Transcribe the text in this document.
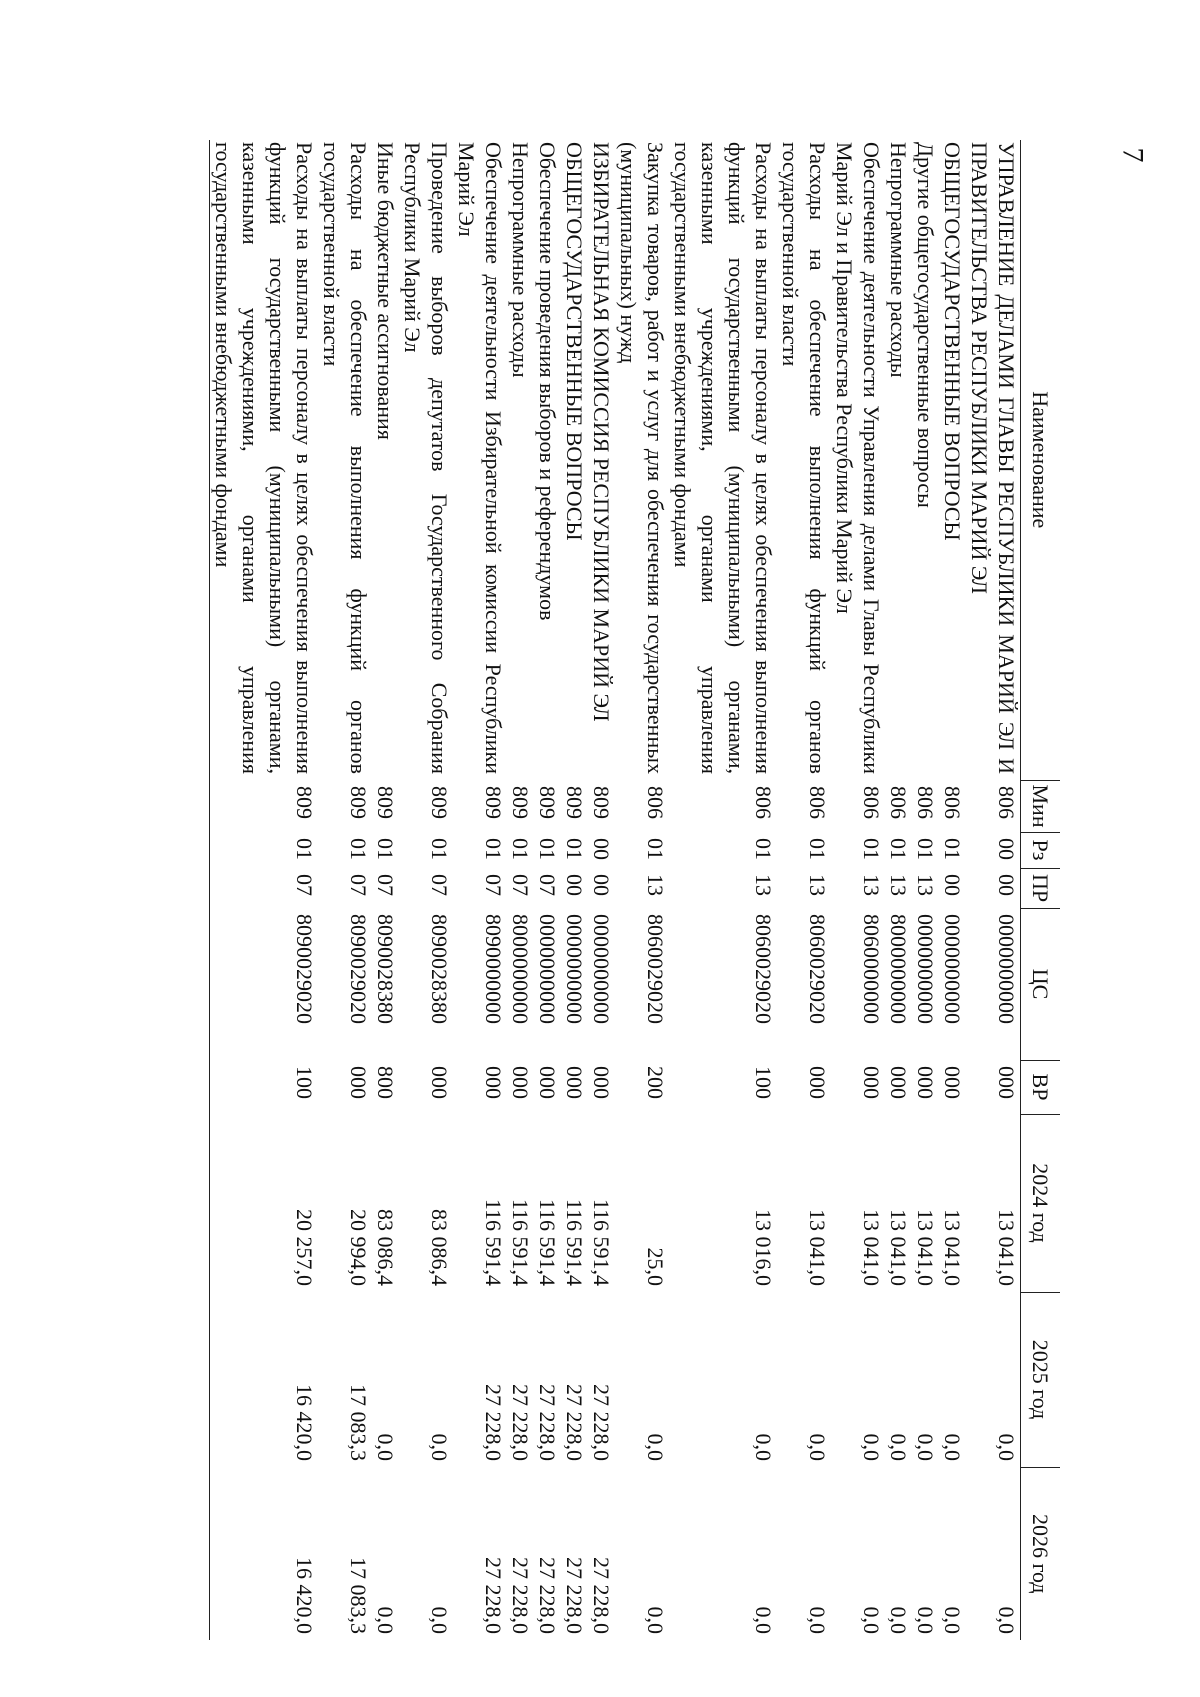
7
Наименование	Мин	Рз	ПР	ЦС	ВР	2024 год	2025 год	2026 год
УПРАВЛЕНИЕ ДЕЛАМИ ГЛАВЫ РЕСПУБЛИКИ МАРИЙ ЭЛ И ПРАВИТЕЛЬСТВА РЕСПУБЛИКИ МАРИЙ ЭЛ	806	00	00	0000000000	000	13 041,0	0,0	0,0
ОБЩЕГОСУДАРСТВЕННЫЕ ВОПРОСЫ	806	01	00	0000000000	000	13 041,0	0,0	0,0
Другие общегосударственные вопросы	806	01	13	0000000000	000	13 041,0	0,0	0,0
Непрограммные расходы	806	01	13	8000000000	000	13 041,0	0,0	0,0
Обеспечение деятельности Управления делами Главы Республики Марий Эл и Правительства Республики Марий Эл	806	01	13	8060000000	000	13 041,0	0,0	0,0
Расходы на обеспечение выполнения функций органов государственной власти	806	01	13	8060029020	000	13 041,0	0,0	0,0
Расходы на выплаты персоналу в целях обеспечения выполнения функций государственными (муниципальными) органами, казенными учреждениями, органами управления государственными внебюджетными фондами	806	01	13	8060029020	100	13 016,0	0,0	0,0
Закупка товаров, работ и услуг для обеспечения государственных (муниципальных) нужд	806	01	13	8060029020	200	25,0	0,0	0,0
ИЗБИРАТЕЛЬНАЯ КОМИССИЯ РЕСПУБЛИКИ МАРИЙ ЭЛ	809	00	00	0000000000	000	116 591,4	27 228,0	27 228,0
ОБЩЕГОСУДАРСТВЕННЫЕ ВОПРОСЫ	809	01	00	0000000000	000	116 591,4	27 228,0	27 228,0
Обеспечение проведения выборов и референдумов	809	01	07	0000000000	000	116 591,4	27 228,0	27 228,0
Непрограммные расходы	809	01	07	8000000000	000	116 591,4	27 228,0	27 228,0
Обеспечение деятельности Избирательной комиссии Республики Марий Эл	809	01	07	8090000000	000	116 591,4	27 228,0	27 228,0
Проведение выборов депутатов Государственного Собрания Республики Марий Эл	809	01	07	8090028380	000	83 086,4	0,0	0,0
Иные бюджетные ассигнования	809	01	07	8090028380	800	83 086,4	0,0	0,0
Расходы на обеспечение выполнения функций органов государственной власти	809	01	07	8090029020	000	20 994,0	17 083,3	17 083,3
Расходы на выплаты персоналу в целях обеспечения выполнения функций государственными (муниципальными) органами, казенными учреждениями, органами управления государственными внебюджетными фондами	809	01	07	8090029020	100	20 257,0	16 420,0	16 420,0
